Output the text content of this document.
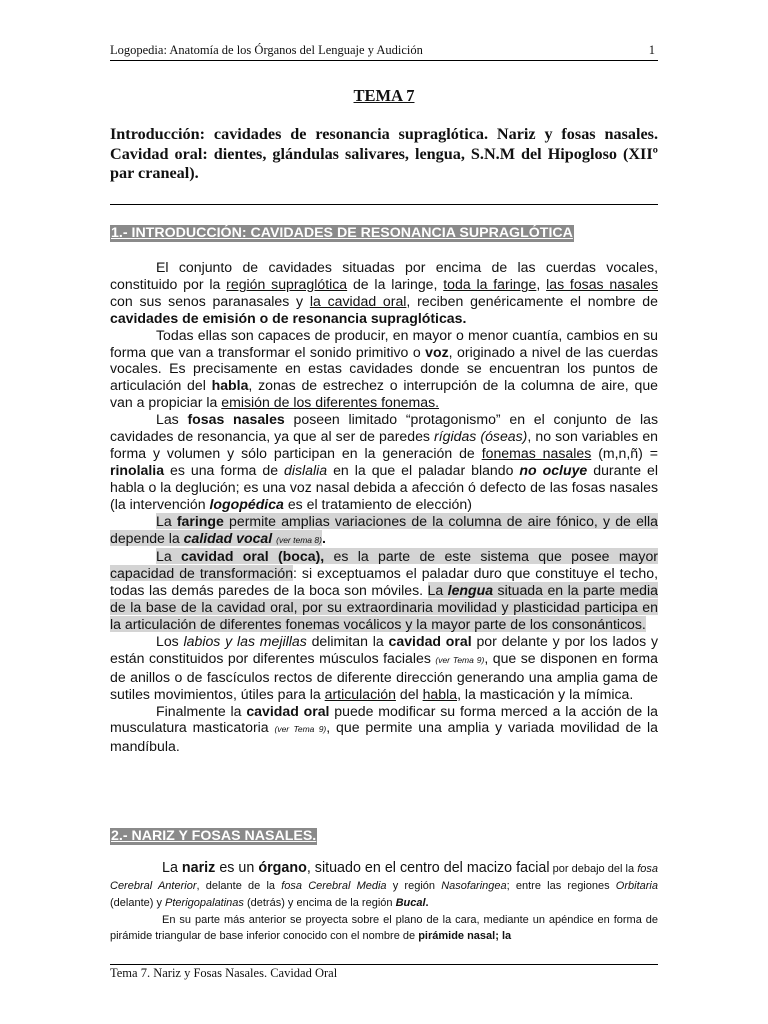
Logopedia: Anatomía de los Órganos del Lenguaje y Audición	1
TEMA 7
Introducción: cavidades de resonancia supraglótica. Nariz y fosas nasales. Cavidad oral: dientes, glándulas salivares, lengua, S.N.M del Hipogloso (XIIº par craneal).
1.- INTRODUCCIÓN: CAVIDADES DE RESONANCIA SUPRAGLÓTICA

El conjunto de cavidades situadas por encima de las cuerdas vocales, constituido por la región supraglótica de la laringe, toda la faringe, las fosas nasales con sus senos paranasales y la cavidad oral, reciben genéricamente el nombre de cavidades de emisión o de resonancia supraglóticas.

Todas ellas son capaces de producir, en mayor o menor cuantía, cambios en su forma que van a transformar el sonido primitivo o voz, originado a nivel de las cuerdas vocales. Es precisamente en estas cavidades donde se encuentran los puntos de articulación del habla, zonas de estrechez o interrupción de la columna de aire, que van a propiciar la emisión de los diferentes fonemas.

Las fosas nasales poseen limitado “protagonismo” en el conjunto de las cavidades de resonancia, ya que al ser de paredes rígidas (óseas), no son variables en forma y volumen y sólo participan en la generación de fonemas nasales (m,n,ñ) = rinolalia es una forma de dislalia en la que el paladar blando no ocluye durante el habla o la deglución; es una voz nasal debida a afección ó defecto de las fosas nasales (la intervención logopédica es el tratamiento de elección)

La faringe permite amplias variaciones de la columna de aire fónico, y de ella depende la calidad vocal (ver tema 8).

La cavidad oral (boca), es la parte de este sistema que posee mayor capacidad de transformación: si exceptuamos el paladar duro que constituye el techo, todas las demás paredes de la boca son móviles. La lengua situada en la parte media de la base de la cavidad oral, por su extraordinaria movilidad y plasticidad participa en la articulación de diferentes fonemas vocálicos y la mayor parte de los consonánticos.

Los labios y las mejillas delimitan la cavidad oral por delante y por los lados y están constituidos por diferentes músculos faciales (ver Tema 9), que se disponen en forma de anillos o de fascículos rectos de diferente dirección generando una amplia gama de sutiles movimientos, útiles para la articulación del habla, la masticación y la mímica.

Finalmente la cavidad oral puede modificar su forma merced a la acción de la musculatura masticatoria (ver Tema 9), que permite una amplia y variada movilidad de la mandíbula.

2.- NARIZ Y FOSAS NASALES.

La nariz es un órgano, situado en el centro del macizo facial por debajo del la fosa Cerebral Anterior, delante de la fosa Cerebral Media y región Nasofaringea; entre las regiones Orbitaria (delante) y Pterigopalatinas (detrás) y encima de la región Bucal.

En su parte más anterior se proyecta sobre el plano de la cara, mediante un apéndice en forma de pirámide triangular de base inferior conocido con el nombre de pirámide nasal; la

Tema 7. Nariz y Fosas Nasales. Cavidad Oral
